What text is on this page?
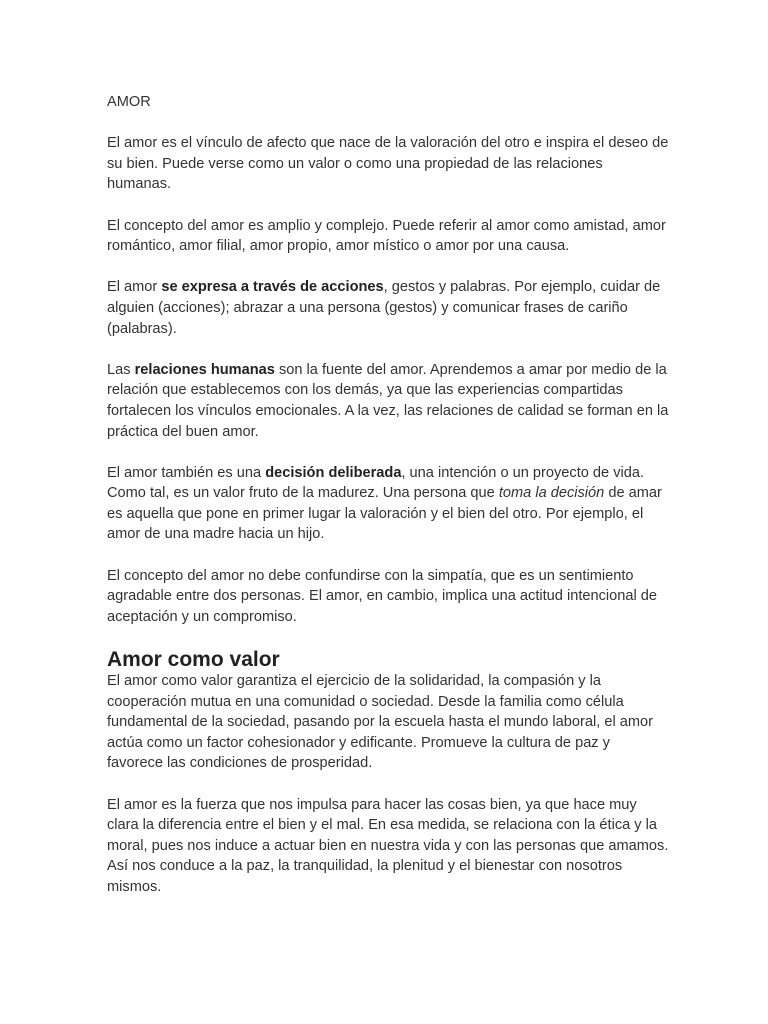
AMOR

El amor es el vínculo de afecto que nace de la valoración del otro e inspira el deseo de su bien. Puede verse como un valor o como una propiedad de las relaciones humanas.

El concepto del amor es amplio y complejo. Puede referir al amor como amistad, amor romántico, amor filial, amor propio, amor místico o amor por una causa.

El amor se expresa a través de acciones, gestos y palabras. Por ejemplo, cuidar de alguien (acciones); abrazar a una persona (gestos) y comunicar frases de cariño (palabras).

Las relaciones humanas son la fuente del amor. Aprendemos a amar por medio de la relación que establecemos con los demás, ya que las experiencias compartidas fortalecen los vínculos emocionales. A la vez, las relaciones de calidad se forman en la práctica del buen amor.

El amor también es una decisión deliberada, una intención o un proyecto de vida. Como tal, es un valor fruto de la madurez. Una persona que toma la decisión de amar es aquella que pone en primer lugar la valoración y el bien del otro. Por ejemplo, el amor de una madre hacia un hijo.

El concepto del amor no debe confundirse con la simpatía, que es un sentimiento agradable entre dos personas. El amor, en cambio, implica una actitud intencional de aceptación y un compromiso.

Amor como valor

El amor como valor garantiza el ejercicio de la solidaridad, la compasión y la cooperación mutua en una comunidad o sociedad. Desde la familia como célula fundamental de la sociedad, pasando por la escuela hasta el mundo laboral, el amor actúa como un factor cohesionador y edificante. Promueve la cultura de paz y favorece las condiciones de prosperidad.

El amor es la fuerza que nos impulsa para hacer las cosas bien, ya que hace muy clara la diferencia entre el bien y el mal. En esa medida, se relaciona con la ética y la moral, pues nos induce a actuar bien en nuestra vida y con las personas que amamos. Así nos conduce a la paz, la tranquilidad, la plenitud y el bienestar con nosotros mismos.
